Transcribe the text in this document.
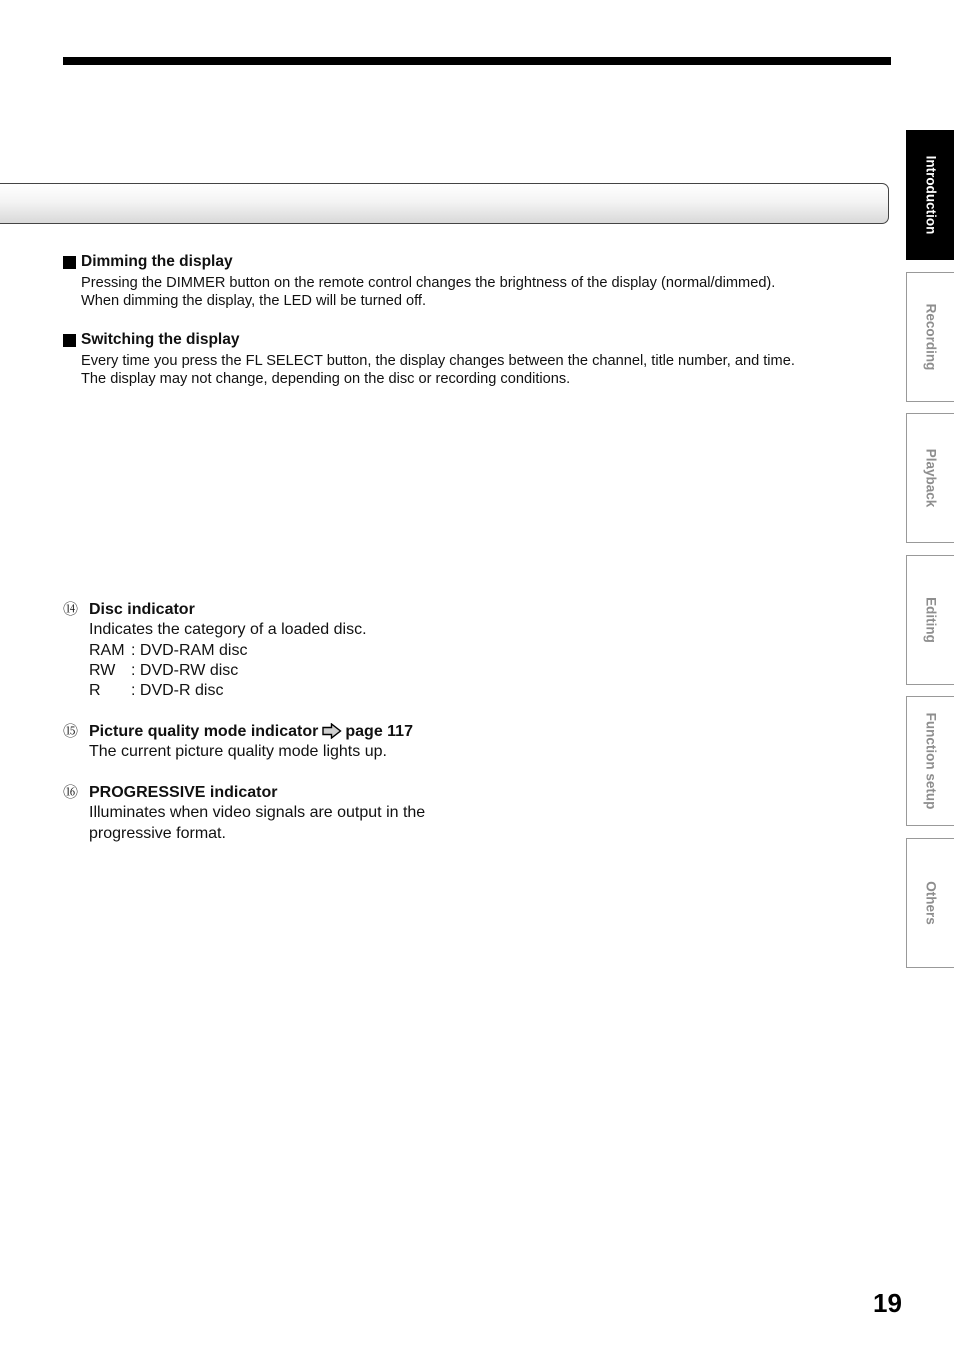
Dimming the display
Pressing the DIMMER button on the remote control changes the brightness of the display (normal/dimmed).
When dimming the display, the LED will be turned off.
Switching the display
Every time you press the FL SELECT button, the display changes between the channel, title number, and time.
The display may not change, depending on the disc or recording conditions.
⑭ Disc indicator
Indicates the category of a loaded disc.
RAM : DVD-RAM disc
RW : DVD-RW disc
R	: DVD-R disc
⑮ Picture quality mode indicator page 117
The current picture quality mode lights up.
⑯ PROGRESSIVE indicator
Illuminates when video signals are output in the
progressive format.
Introduction
Recording
Playback
Editing
Function setup
Others
19
